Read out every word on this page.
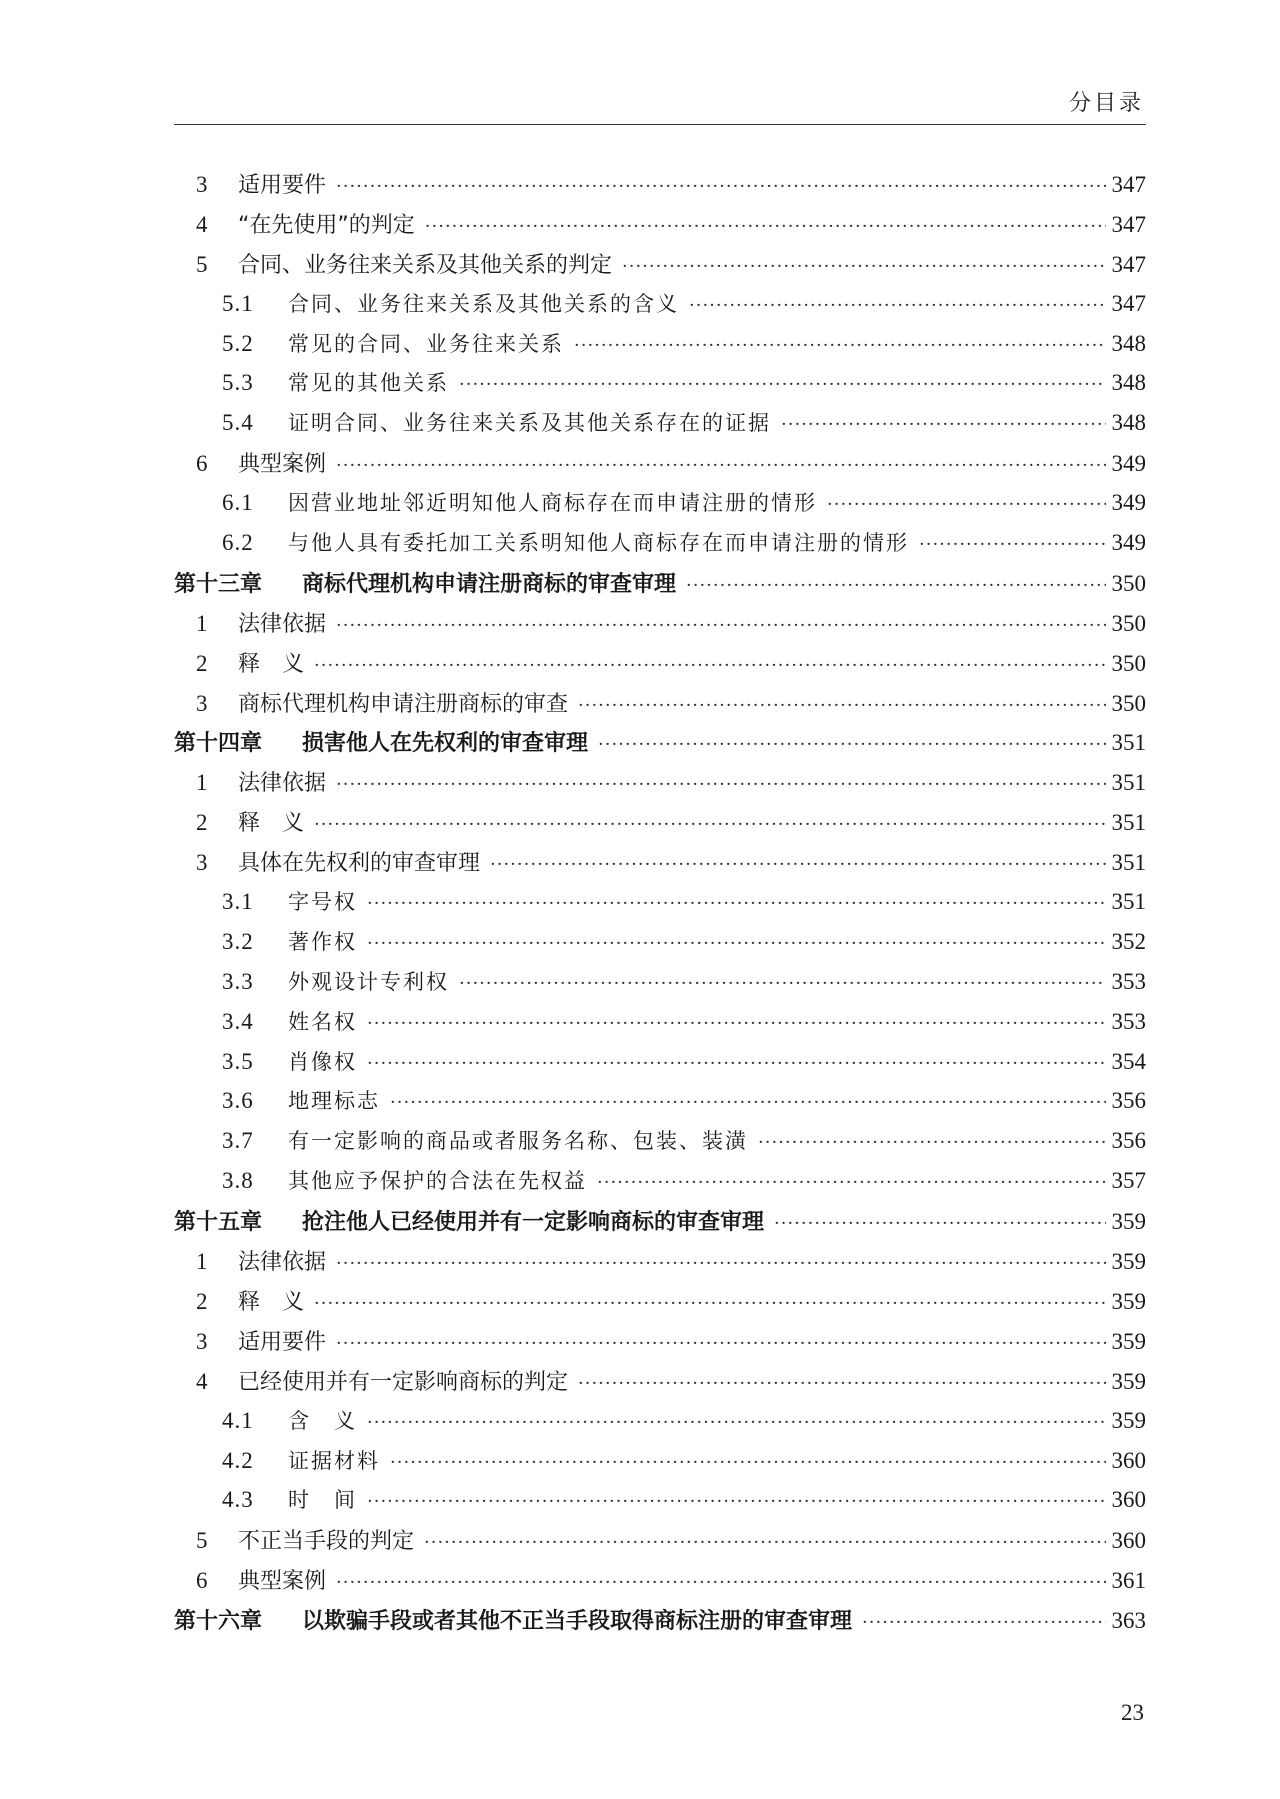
分目录
3	适用要件 ·····	347
4	“在先使用”的判定 ·····	347
5	合同、业务往来关系及其他关系的判定 ·····	347
5.1	合同、业务往来关系及其他关系的含义 ·····	347
5.2	常见的合同、业务往来关系 ·····	348
5.3	常见的其他关系 ·····	348
5.4	证明合同、业务往来关系及其他关系存在的证据 ·····	348
6	典型案例 ·····	349
6.1	因营业地址邻近明知他人商标存在而申请注册的情形 ·····	349
6.2	与他人具有委托加工关系明知他人商标存在而申请注册的情形 ·····	349
第十三章	商标代理机构申请注册商标的审查审理 ·····	350
1	法律依据 ·····	350
2	释　义 ·····	350
3	商标代理机构申请注册商标的审查 ·····	350
第十四章	损害他人在先权利的审查审理 ·····	351
1	法律依据 ·····	351
2	释　义 ·····	351
3	具体在先权利的审查审理 ·····	351
3.1	字号权 ·····	351
3.2	著作权 ·····	352
3.3	外观设计专利权 ·····	353
3.4	姓名权 ·····	353
3.5	肖像权 ·····	354
3.6	地理标志 ·····	356
3.7	有一定影响的商品或者服务名称、包装、装潢 ·····	356
3.8	其他应予保护的合法在先权益 ·····	357
第十五章	抢注他人已经使用并有一定影响商标的审查审理 ·····	359
1	法律依据 ·····	359
2	释　义 ·····	359
3	适用要件 ·····	359
4	已经使用并有一定影响商标的判定 ·····	359
4.1	含　义 ·····	359
4.2	证据材料 ·····	360
4.3	时　间 ·····	360
5	不正当手段的判定 ·····	360
6	典型案例 ·····	361
第十六章	以欺骗手段或者其他不正当手段取得商标注册的审查审理 ·····	363
23
